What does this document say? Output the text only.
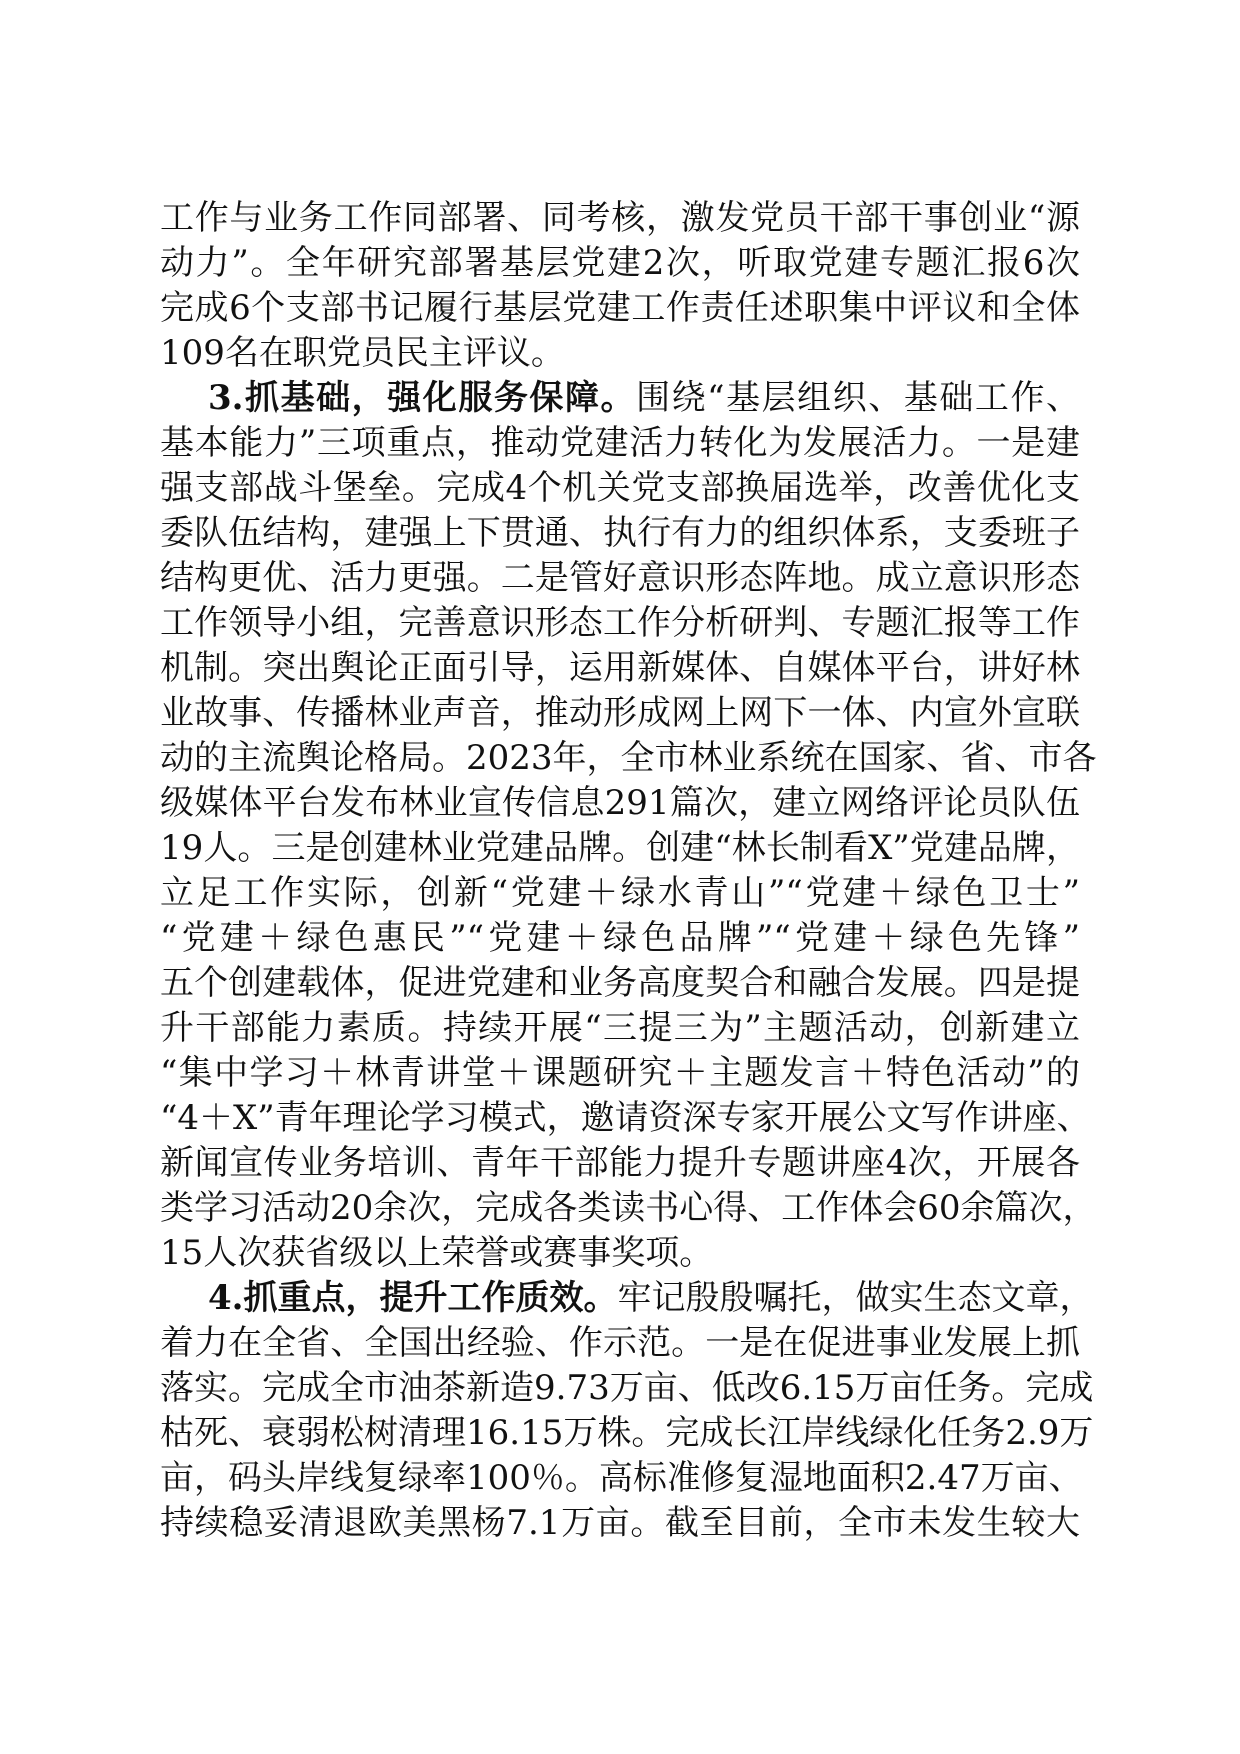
工作与业务工作同部署、同考核，激发党员干部干事创业“源
动力”。全年研究部署基层党建2次，听取党建专题汇报6次
完成6个支部书记履行基层党建工作责任述职集中评议和全体
109名在职党员民主评议。
3.抓基础，强化服务保障。围绕“基层组织、基础工作、
基本能力”三项重点，推动党建活力转化为发展活力。一是建
强支部战斗堡垒。完成4个机关党支部换届选举，改善优化支
委队伍结构，建强上下贯通、执行有力的组织体系，支委班子
结构更优、活力更强。二是管好意识形态阵地。成立意识形态
工作领导小组，完善意识形态工作分析研判、专题汇报等工作
机制。突出舆论正面引导，运用新媒体、自媒体平台，讲好林
业故事、传播林业声音，推动形成网上网下一体、内宣外宣联
动的主流舆论格局。2023年，全市林业系统在国家、省、市各
级媒体平台发布林业宣传信息291篇次，建立网络评论员队伍
19人。三是创建林业党建品牌。创建“林长制看X”党建品牌，
立足工作实际，创新“党建＋绿水青山”“党建＋绿色卫士”
“党建＋绿色惠民”“党建＋绿色品牌”“党建＋绿色先锋”
五个创建载体，促进党建和业务高度契合和融合发展。四是提
升干部能力素质。持续开展“三提三为”主题活动，创新建立
“集中学习＋林青讲堂＋课题研究＋主题发言＋特色活动”的
“4＋X”青年理论学习模式，邀请资深专家开展公文写作讲座、
新闻宣传业务培训、青年干部能力提升专题讲座4次，开展各
类学习活动20余次，完成各类读书心得、工作体会60余篇次，
15人次获省级以上荣誉或赛事奖项。
4.抓重点，提升工作质效。牢记殷殷嘱托，做实生态文章，
着力在全省、全国出经验、作示范。一是在促进事业发展上抓
落实。完成全市油茶新造9.73万亩、低改6.15万亩任务。完成
枯死、衰弱松树清理16.15万株。完成长江岸线绿化任务2.9万
亩，码头岸线复绿率100％。高标准修复湿地面积2.47万亩、
持续稳妥清退欧美黑杨7.1万亩。截至目前，全市未发生较大
